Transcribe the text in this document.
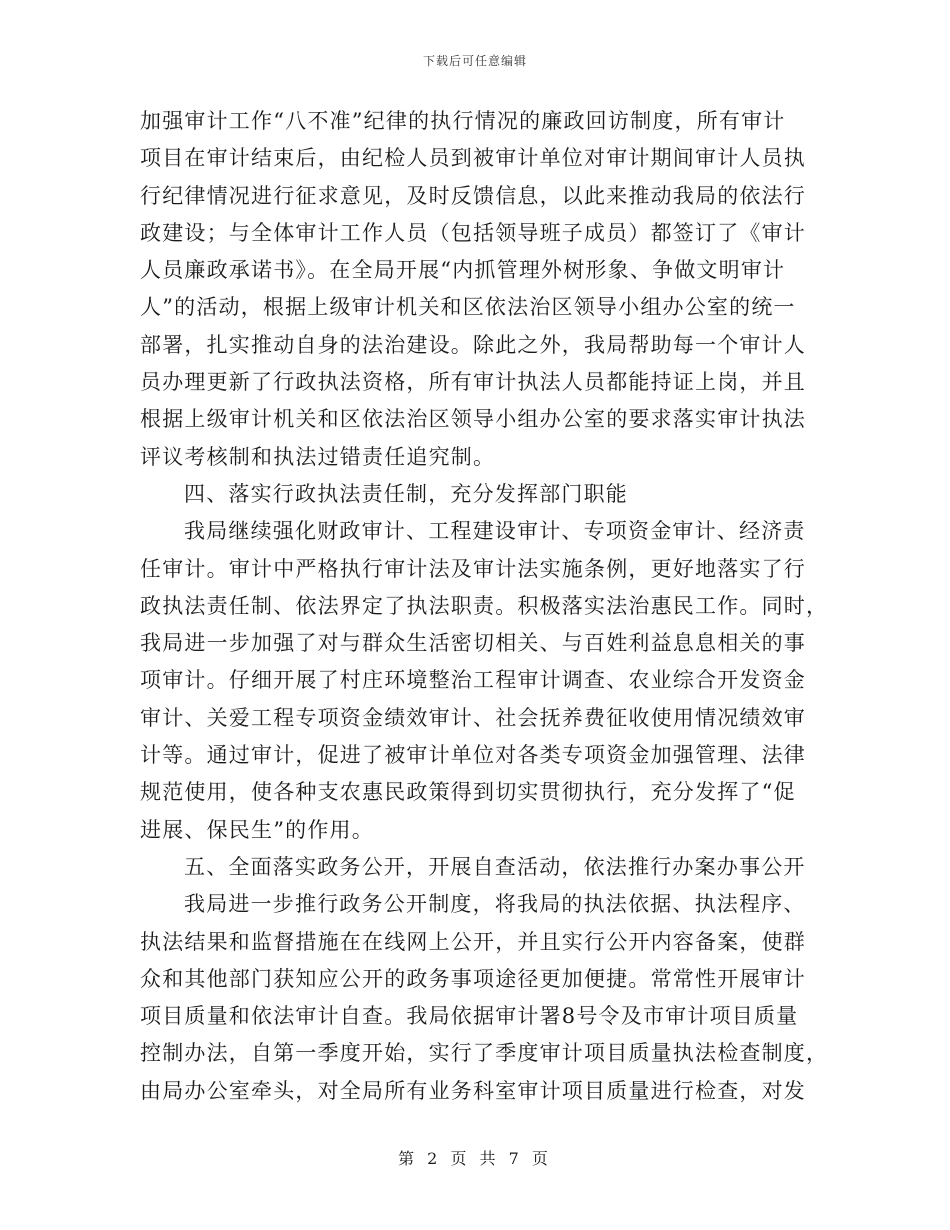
下载后可任意编辑
加强审计工作“八不准”纪律的执行情况的廉政回访制度，所有审计
项目在审计结束后，由纪检人员到被审计单位对审计期间审计人员执
行纪律情况进行征求意见，及时反馈信息，以此来推动我局的依法行
政建设；与全体审计工作人员（包括领导班子成员）都签订了《审计
人员廉政承诺书》。在全局开展“内抓管理外树形象、争做文明审计
人”的活动，根据上级审计机关和区依法治区领导小组办公室的统一
部署，扎实推动自身的法治建设。除此之外，我局帮助每一个审计人
员办理更新了行政执法资格，所有审计执法人员都能持证上岗，并且
根据上级审计机关和区依法治区领导小组办公室的要求落实审计执法
评议考核制和执法过错责任追究制。
四、落实行政执法责任制，充分发挥部门职能
我局继续强化财政审计、工程建设审计、专项资金审计、经济责
任审计。审计中严格执行审计法及审计法实施条例，更好地落实了行
政执法责任制、依法界定了执法职责。积极落实法治惠民工作。同时，
我局进一步加强了对与群众生活密切相关、与百姓利益息息相关的事
项审计。仔细开展了村庄环境整治工程审计调查、农业综合开发资金
审计、关爱工程专项资金绩效审计、社会抚养费征收使用情况绩效审
计等。通过审计，促进了被审计单位对各类专项资金加强管理、法律
规范使用，使各种支农惠民政策得到切实贯彻执行，充分发挥了“促
进展、保民生”的作用。
五、全面落实政务公开，开展自查活动，依法推行办案办事公开
我局进一步推行政务公开制度，将我局的执法依据、执法程序、
执法结果和监督措施在在线网上公开，并且实行公开内容备案，使群
众和其他部门获知应公开的政务事项途径更加便捷。常常性开展审计
项目质量和依法审计自查。我局依据审计署8号令及市审计项目质量
控制办法，自第一季度开始，实行了季度审计项目质量执法检查制度，
由局办公室牵头，对全局所有业务科室审计项目质量进行检查，对发
第 2 页 共 7 页
